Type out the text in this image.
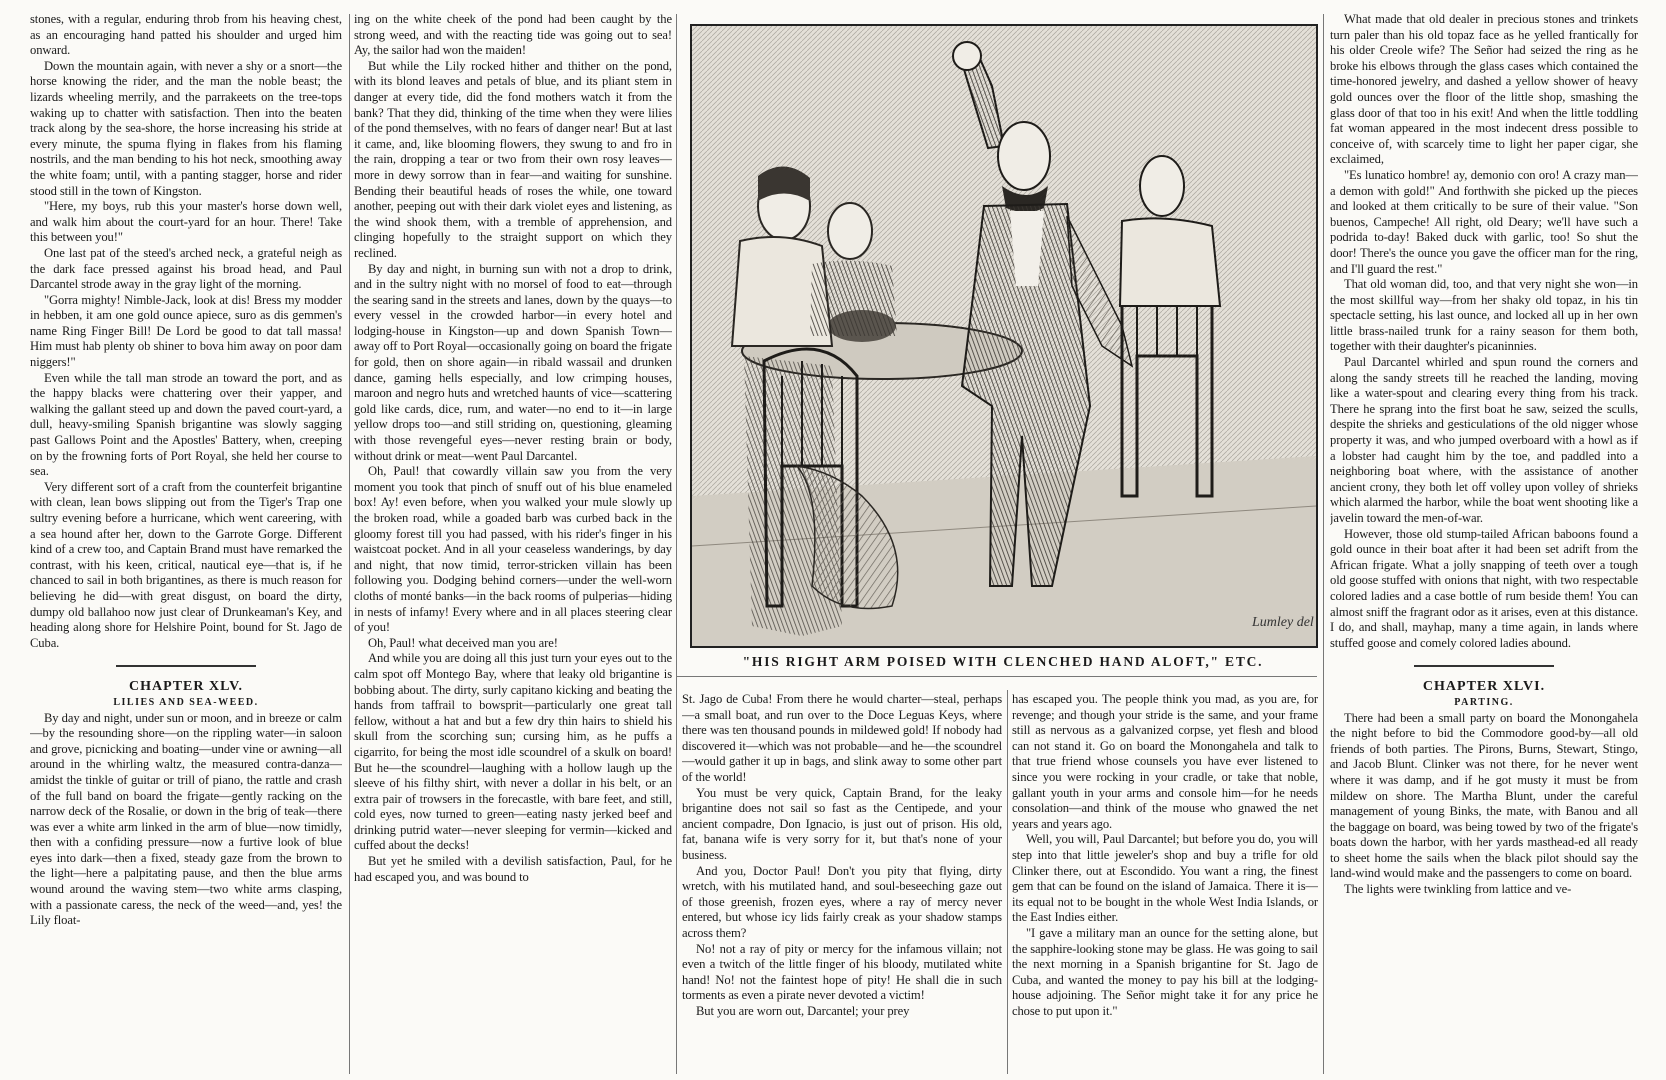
stones, with a regular, enduring throb from his heaving chest, as an encouraging hand patted his shoulder and urged him onward.

Down the mountain again, with never a shy or a snort—the horse knowing the rider, and the man the noble beast; the lizards wheeling merrily, and the parrakeets on the tree-tops waking up to chatter with satisfaction. Then into the beaten track along by the sea-shore, the horse increasing his stride at every minute, the spuma flying in flakes from his flaming nostrils, and the man bending to his hot neck, smoothing away the white foam; until, with a panting stagger, horse and rider stood still in the town of Kingston.

"Here, my boys, rub this your master's horse down well, and walk him about the court-yard for an hour. There! Take this between you!"

One last pat of the steed's arched neck, a grateful neigh as the dark face pressed against his broad head, and Paul Darcantel strode away in the gray light of the morning.

"Gorra mighty! Nimble-Jack, look at dis! Bress my modder in hebben, it am one gold ounce apiece, suro as dis gemmen's name Ring Finger Bill! De Lord be good to dat tall massa! Him must hab plenty ob shiner to bova him away on poor dam niggers!"

Even while the tall man strode an toward the port, and as the happy blacks were chattering over their yapper, and walking the gallant steed up and down the paved court-yard, a dull, heavy-smiling Spanish brigantine was slowly sagging past Gallows Point and the Apostles' Battery, when, creeping on by the frowning forts of Port Royal, she held her course to sea.

Very different sort of a craft from the counterfeit brigantine with clean, lean bows slipping out from the Tiger's Trap one sultry evening before a hurricane, which went careering, with a sea hound after her, down to the Garrote Gorge. Different kind of a crew too, and Captain Brand must have remarked the contrast, with his keen, critical, nautical eye—that is, if he chanced to sail in both brigantines, as there is much reason for believing he did—with great disgust, on board the dirty, dumpy old ballahoo now just clear of Drunkeaman's Key, and heading along shore for Helshire Point, bound for St. Jago de Cuba.

CHAPTER XLV.

LILIES AND SEA-WEED.

By day and night, under sun or moon, and in breeze or calm—by the resounding shore—on the rippling water—in saloon and grove, picnicking and boating—under vine or awning—all around in the whirling waltz, the measured contra-danza—amidst the tinkle of guitar or trill of piano, the rattle and crash of the full band on board the frigate—gently racking on the narrow deck of the Rosalie, or down in the brig of teak—there was ever a white arm linked in the arm of blue—now timidly, then with a confiding pressure—now a furtive look of blue eyes into dark—then a fixed, steady gaze from the brown to the light—here a palpitating pause, and then the blue arms wound around the waving stem—two white arms clasping, with a passionate caress, the neck of the weed—and, yes! the Lily float-

ing on the white cheek of the pond had been caught by the strong weed, and with the reacting tide was going out to sea! Ay, the sailor had won the maiden!

But while the Lily rocked hither and thither on the pond, with its blond leaves and petals of blue, and its pliant stem in danger at every tide, did the fond mothers watch it from the bank? That they did, thinking of the time when they were lilies of the pond themselves, with no fears of danger near! But at last it came, and, like blooming flowers, they swung to and fro in the rain, dropping a tear or two from their own rosy leaves—more in dewy sorrow than in fear—and waiting for sunshine. Bending their beautiful heads of roses the while, one toward another, peeping out with their dark violet eyes and listening, as the wind shook them, with a tremble of apprehension, and clinging hopefully to the straight support on which they reclined.

By day and night, in burning sun with not a drop to drink, and in the sultry night with no morsel of food to eat—through the searing sand in the streets and lanes, down by the quays—to every vessel in the crowded harbor—in every hotel and lodging-house in Kingston—up and down Spanish Town—away off to Port Royal—occasionally going on board the frigate for gold, then on shore again—in ribald wassail and drunken dance, gaming hells especially, and low crimping houses, maroon and negro huts and wretched haunts of vice—scattering gold like cards, dice, rum, and water—no end to it—in large yellow drops too—and still striding on, questioning, gleaming with those revengeful eyes—never resting brain or body, without drink or meat—went Paul Darcantel.

Oh, Paul! that cowardly villain saw you from the very moment you took that pinch of snuff out of his blue enameled box! Ay! even before, when you walked your mule slowly up the broken road, while a goaded barb was curbed back in the gloomy forest till you had passed, with his rider's finger in his waistcoat pocket. And in all your ceaseless wanderings, by day and night, that now timid, terror-stricken villain has been following you. Dodging behind corners—under the well-worn cloths of monté banks—in the back rooms of pulperias—hiding in nests of infamy! Every where and in all places steering clear of you!

Oh, Paul! what deceived man you are!

And while you are doing all this just turn your eyes out to the calm spot off Montego Bay, where that leaky old brigantine is bobbing about. The dirty, surly capitano kicking and beating the hands from taffrail to bowsprit—particularly one great tall fellow, without a hat and but a few dry thin hairs to shield his skull from the scorching sun; cursing him, as he puffs a cigarrito, for being the most idle scoundrel of a skulk on board! But he—the scoundrel—laughing with a hollow laugh up the sleeve of his filthy shirt, with never a dollar in his belt, or an extra pair of trowsers in the forecastle, with bare feet, and still, cold eyes, now turned to green—eating nasty jerked beef and drinking putrid water—never sleeping for vermin—kicked and cuffed about the decks!

But yet he smiled with a devilish satisfaction, Paul, for he had escaped you, and was bound to

Lumley del
"HIS RIGHT ARM POISED WITH CLENCHED HAND ALOFT," ETC.

St. Jago de Cuba! From there he would charter—steal, perhaps—a small boat, and run over to the Doce Leguas Keys, where there was ten thousand pounds in mildewed gold! If nobody had discovered it—which was not probable—and he—the scoundrel—would gather it up in bags, and slink away to some other part of the world!

You must be very quick, Captain Brand, for the leaky brigantine does not sail so fast as the Centipede, and your ancient compadre, Don Ignacio, is just out of prison. His old, fat, banana wife is very sorry for it, but that's none of your business.

And you, Doctor Paul! Don't you pity that flying, dirty wretch, with his mutilated hand, and soul-beseeching gaze out of those greenish, frozen eyes, where a ray of mercy never entered, but whose icy lids fairly creak as your shadow stamps across them?

No! not a ray of pity or mercy for the infamous villain; not even a twitch of the little finger of his bloody, mutilated white hand! No! not the faintest hope of pity! He shall die in such torments as even a pirate never devoted a victim!

But you are worn out, Darcantel; your prey

has escaped you. The people think you mad, as you are, for revenge; and though your stride is the same, and your frame still as nervous as a galvanized corpse, yet flesh and blood can not stand it. Go on board the Monongahela and talk to that true friend whose counsels you have ever listened to since you were rocking in your cradle, or take that noble, gallant youth in your arms and console him—for he needs consolation—and think of the mouse who gnawed the net years and years ago.

Well, you will, Paul Darcantel; but before you do, you will step into that little jeweler's shop and buy a trifle for old Clinker there, out at Escondido. You want a ring, the finest gem that can be found on the island of Jamaica. There it is—its equal not to be bought in the whole West India Islands, or the East Indies either.

"I gave a military man an ounce for the setting alone, but the sapphire-looking stone may be glass. He was going to sail the next morning in a Spanish brigantine for St. Jago de Cuba, and wanted the money to pay his bill at the lodging-house adjoining. The Señor might take it for any price he chose to put upon it."

What made that old dealer in precious stones and trinkets turn paler than his old topaz face as he yelled frantically for his older Creole wife? The Señor had seized the ring as he broke his elbows through the glass cases which contained the time-honored jewelry, and dashed a yellow shower of heavy gold ounces over the floor of the little shop, smashing the glass door of that too in his exit! And when the little toddling fat woman appeared in the most indecent dress possible to conceive of, with scarcely time to light her paper cigar, she exclaimed,

"Es lunatico hombre! ay, demonio con oro! A crazy man—a demon with gold!" And forthwith she picked up the pieces and looked at them critically to be sure of their value. "Son buenos, Campeche! All right, old Deary; we'll have such a podrida to-day! Baked duck with garlic, too! So shut the door! There's the ounce you gave the officer man for the ring, and I'll guard the rest."

That old woman did, too, and that very night she won—in the most skillful way—from her shaky old topaz, in his tin spectacle setting, his last ounce, and locked all up in her own little brass-nailed trunk for a rainy season for them both, together with their daughter's picaninnies.

Paul Darcantel whirled and spun round the corners and along the sandy streets till he reached the landing, moving like a water-spout and clearing every thing from his track. There he sprang into the first boat he saw, seized the sculls, despite the shrieks and gesticulations of the old nigger whose property it was, and who jumped overboard with a howl as if a lobster had caught him by the toe, and paddled into a neighboring boat where, with the assistance of another ancient crony, they both let off volley upon volley of shrieks which alarmed the harbor, while the boat went shooting like a javelin toward the men-of-war.

However, those old stump-tailed African baboons found a gold ounce in their boat after it had been set adrift from the African frigate. What a jolly snapping of teeth over a tough old goose stuffed with onions that night, with two respectable colored ladies and a case bottle of rum beside them! You can almost sniff the fragrant odor as it arises, even at this distance. I do, and shall, mayhap, many a time again, in lands where stuffed goose and comely colored ladies abound.

CHAPTER XLVI.

PARTING.

There had been a small party on board the Monongahela the night before to bid the Commodore good-by—all old friends of both parties. The Pirons, Burns, Stewart, Stingo, and Jacob Blunt. Clinker was not there, for he never went where it was damp, and if he got musty it must be from mildew on shore. The Martha Blunt, under the careful management of young Binks, the mate, with Banou and all the baggage on board, was being towed by two of the frigate's boats down the harbor, with her yards masthead-ed all ready to sheet home the sails when the black pilot should say the land-wind would make and the passengers to come on board.

The lights were twinkling from lattice and ve-
